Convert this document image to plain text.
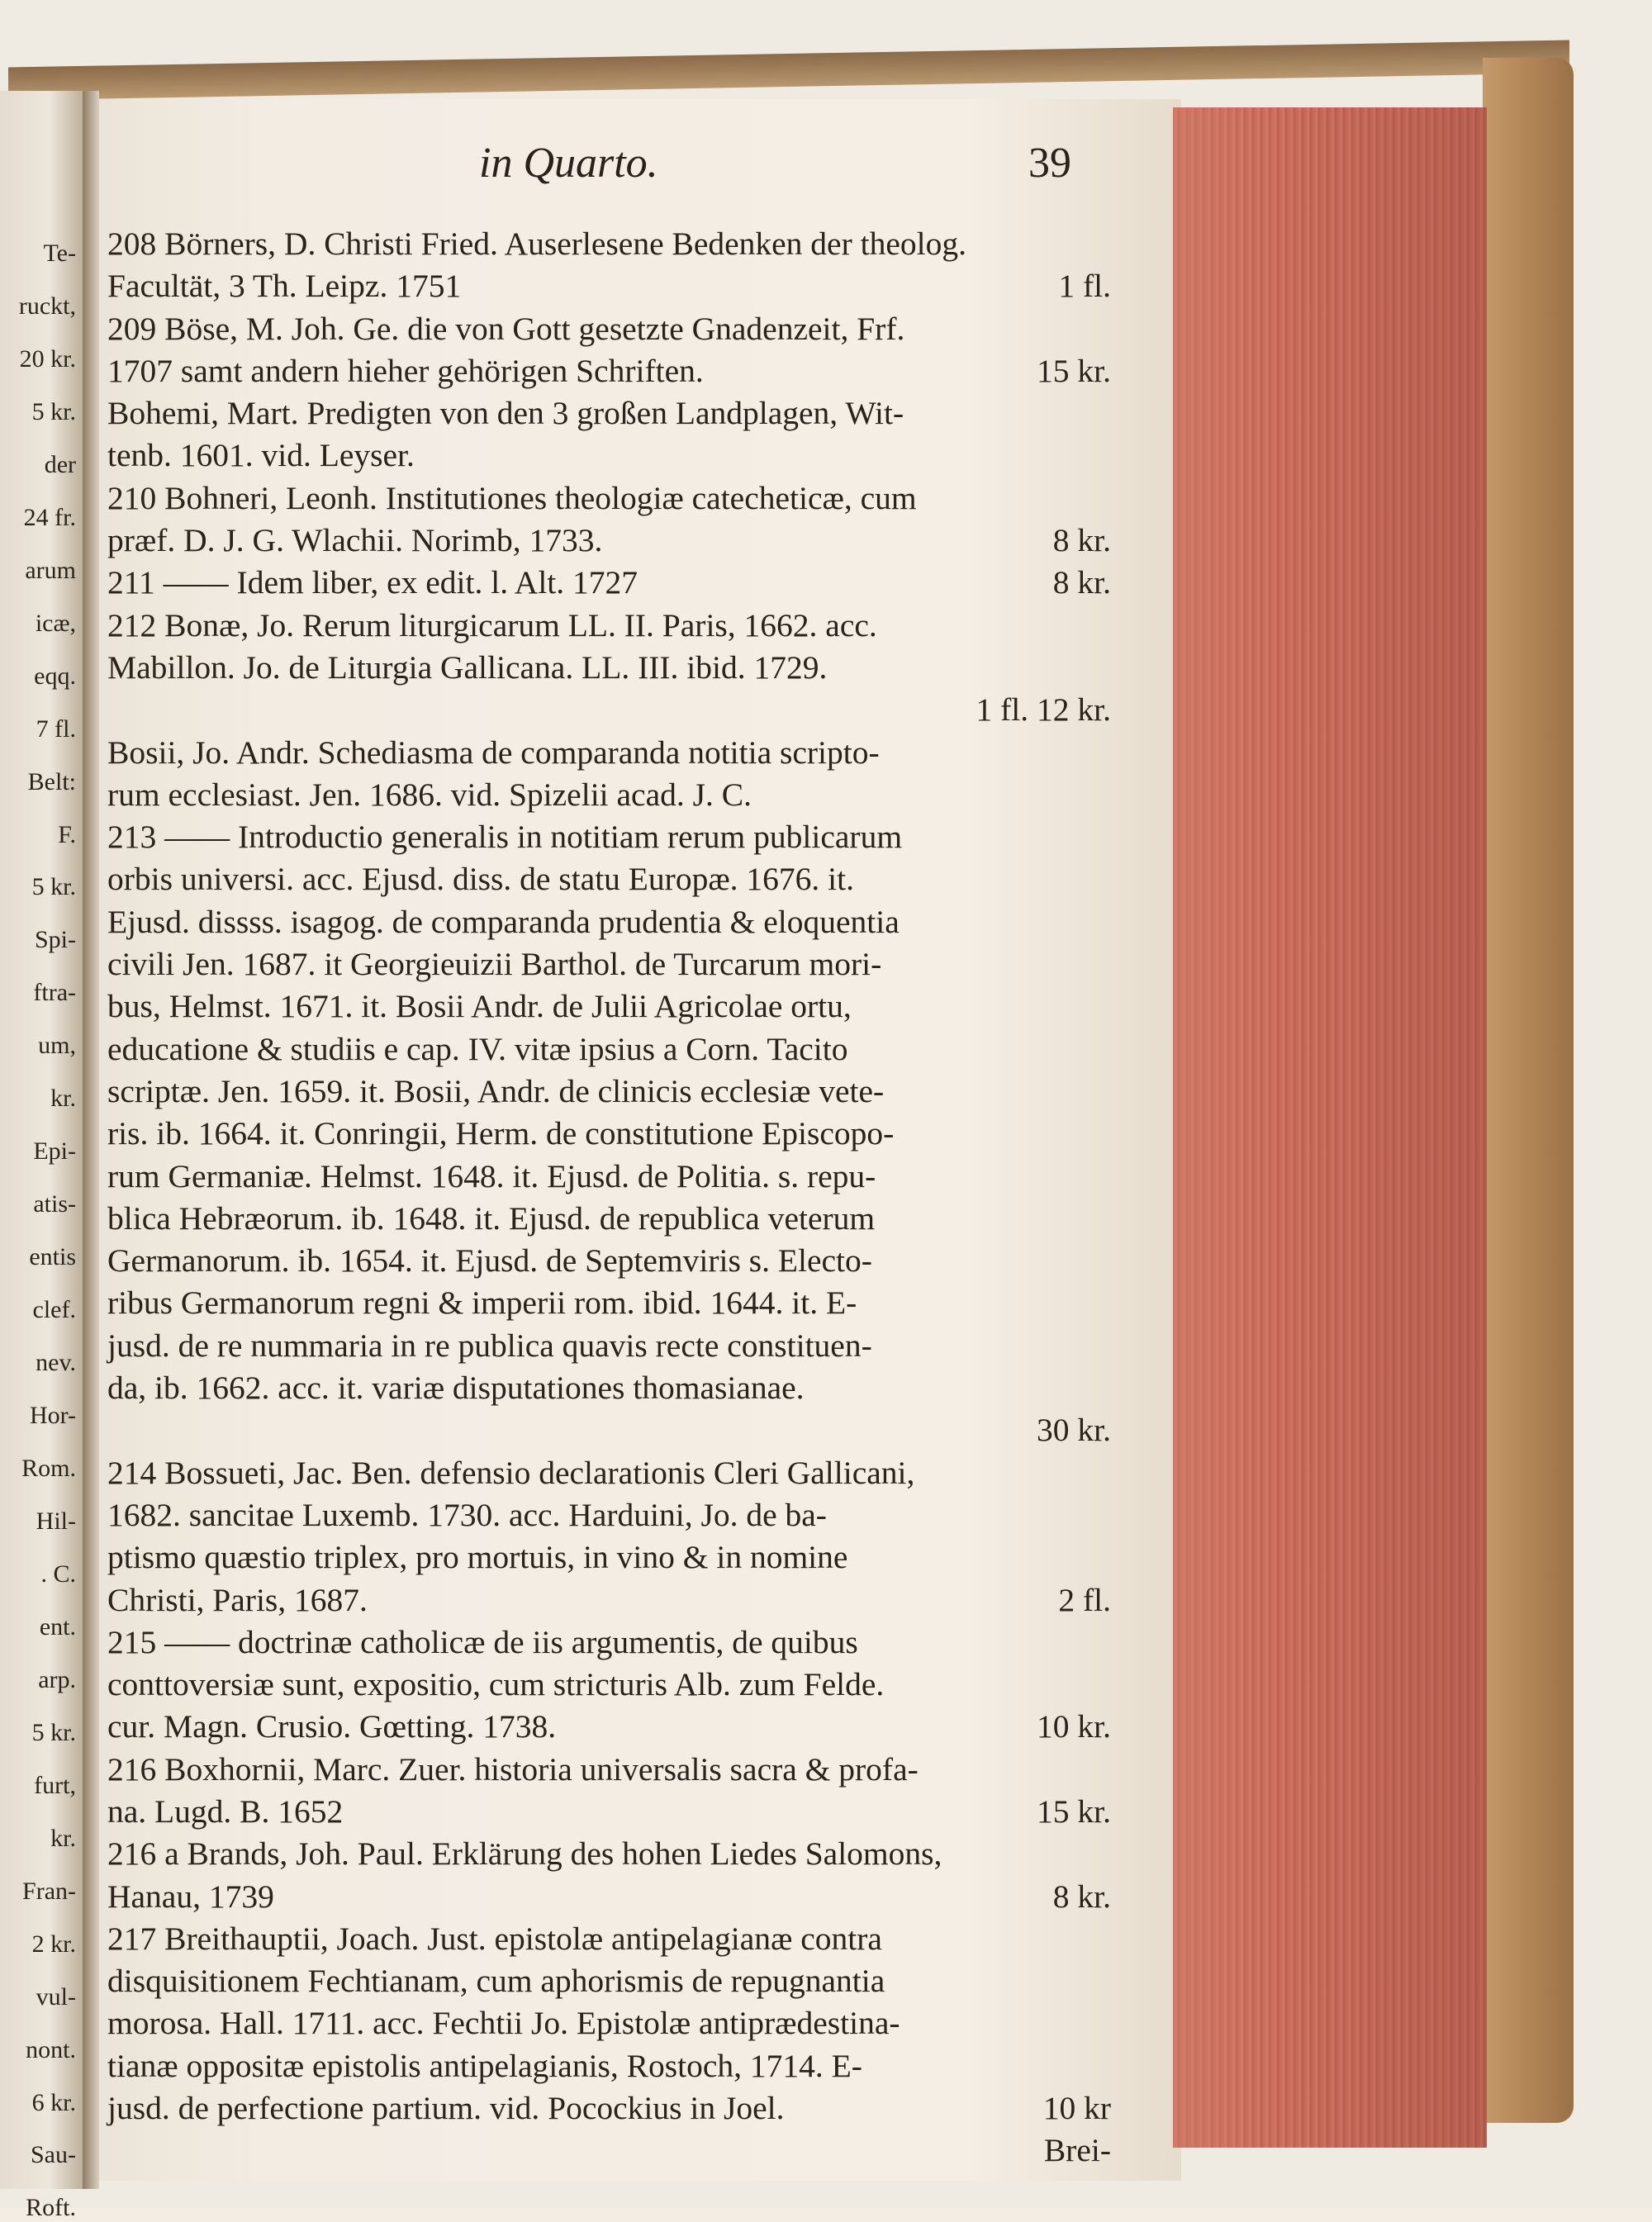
Te-
ruckt,
20 kr.
5 kr.
der
24 fr.
arum
icæ,
eqq.
7 fl.
Belt:
F.
5 kr.
Spi-
ftra-
um,
kr.
Epi-
atis-
entis
clef.
nev.
Hor-
Rom.
Hil-
. C.
ent.
arp.
5 kr.
furt,
kr.
Fran-
2 kr.
vul-
nont.
6 kr.
Sau-
Roft.
in Quarto.	39
208 Börners, D. Christi Fried. Auserlesene Bedenken der theolog.
Facultät, 3 Th. Leipz. 1751	1 fl.
209 Böse, M. Joh. Ge. die von Gott gesetzte Gnadenzeit, Frf.
1707 samt andern hieher gehörigen Schriften.	15 kr.
Bohemi, Mart. Predigten von den 3 großen Landplagen, Wit-
tenb. 1601. vid. Leyser.
210 Bohneri, Leonh. Institutiones theologiæ catecheticæ, cum
præf. D. J. G. Wlachii. Norimb, 1733.	8 kr.
211 —— Idem liber, ex edit. l. Alt. 1727	8 kr.
212 Bonæ, Jo. Rerum liturgicarum LL. II. Paris, 1662. acc.
Mabillon. Jo. de Liturgia Gallicana. LL. III. ibid. 1729.
1 fl. 12 kr.
Bosii, Jo. Andr. Schediasma de comparanda notitia scripto-
rum ecclesiast. Jen. 1686. vid. Spizelii acad. J. C.
213 —— Introductio generalis in notitiam rerum publicarum
orbis universi. acc. Ejusd. diss. de statu Europæ. 1676. it.
Ejusd. dissss. isagog. de comparanda prudentia & eloquentia
civili Jen. 1687. it Georgieuizii Barthol. de Turcarum mori-
bus, Helmst. 1671. it. Bosii Andr. de Julii Agricolae ortu,
educatione & studiis e cap. IV. vitæ ipsius a Corn. Tacito
scriptæ. Jen. 1659. it. Bosii, Andr. de clinicis ecclesiæ vete-
ris. ib. 1664. it. Conringii, Herm. de constitutione Episcopo-
rum Germaniæ. Helmst. 1648. it. Ejusd. de Politia. s. repu-
blica Hebræorum. ib. 1648. it. Ejusd. de republica veterum
Germanorum. ib. 1654. it. Ejusd. de Septemviris s. Electo-
ribus Germanorum regni & imperii rom. ibid. 1644. it. E-
jusd. de re nummaria in re publica quavis recte constituen-
da, ib. 1662. acc. it. variæ disputationes thomasianae.
30 kr.
214 Bossueti, Jac. Ben. defensio declarationis Cleri Gallicani,
1682. sancitae Luxemb. 1730. acc. Harduini, Jo. de ba-
ptismo quæstio triplex, pro mortuis, in vino & in nomine
Christi, Paris, 1687.	2 fl.
215 —— doctrinæ catholicæ de iis argumentis, de quibus
conttoversiæ sunt, expositio, cum stricturis Alb. zum Felde.
cur. Magn. Crusio. Gœtting. 1738.	10 kr.
216 Boxhornii, Marc. Zuer. historia universalis sacra & profa-
na. Lugd. B. 1652	15 kr.
216 a Brands, Joh. Paul. Erklärung des hohen Liedes Salomons,
Hanau, 1739	8 kr.
217 Breithauptii, Joach. Just. epistolæ antipelagianæ contra
disquisitionem Fechtianam, cum aphorismis de repugnantia
morosa. Hall. 1711. acc. Fechtii Jo. Epistolæ antiprædestina-
tianæ oppositæ epistolis antipelagianis, Rostoch, 1714. E-
jusd. de perfectione partium. vid. Pocockius in Joel.	10 kr
Brei-
